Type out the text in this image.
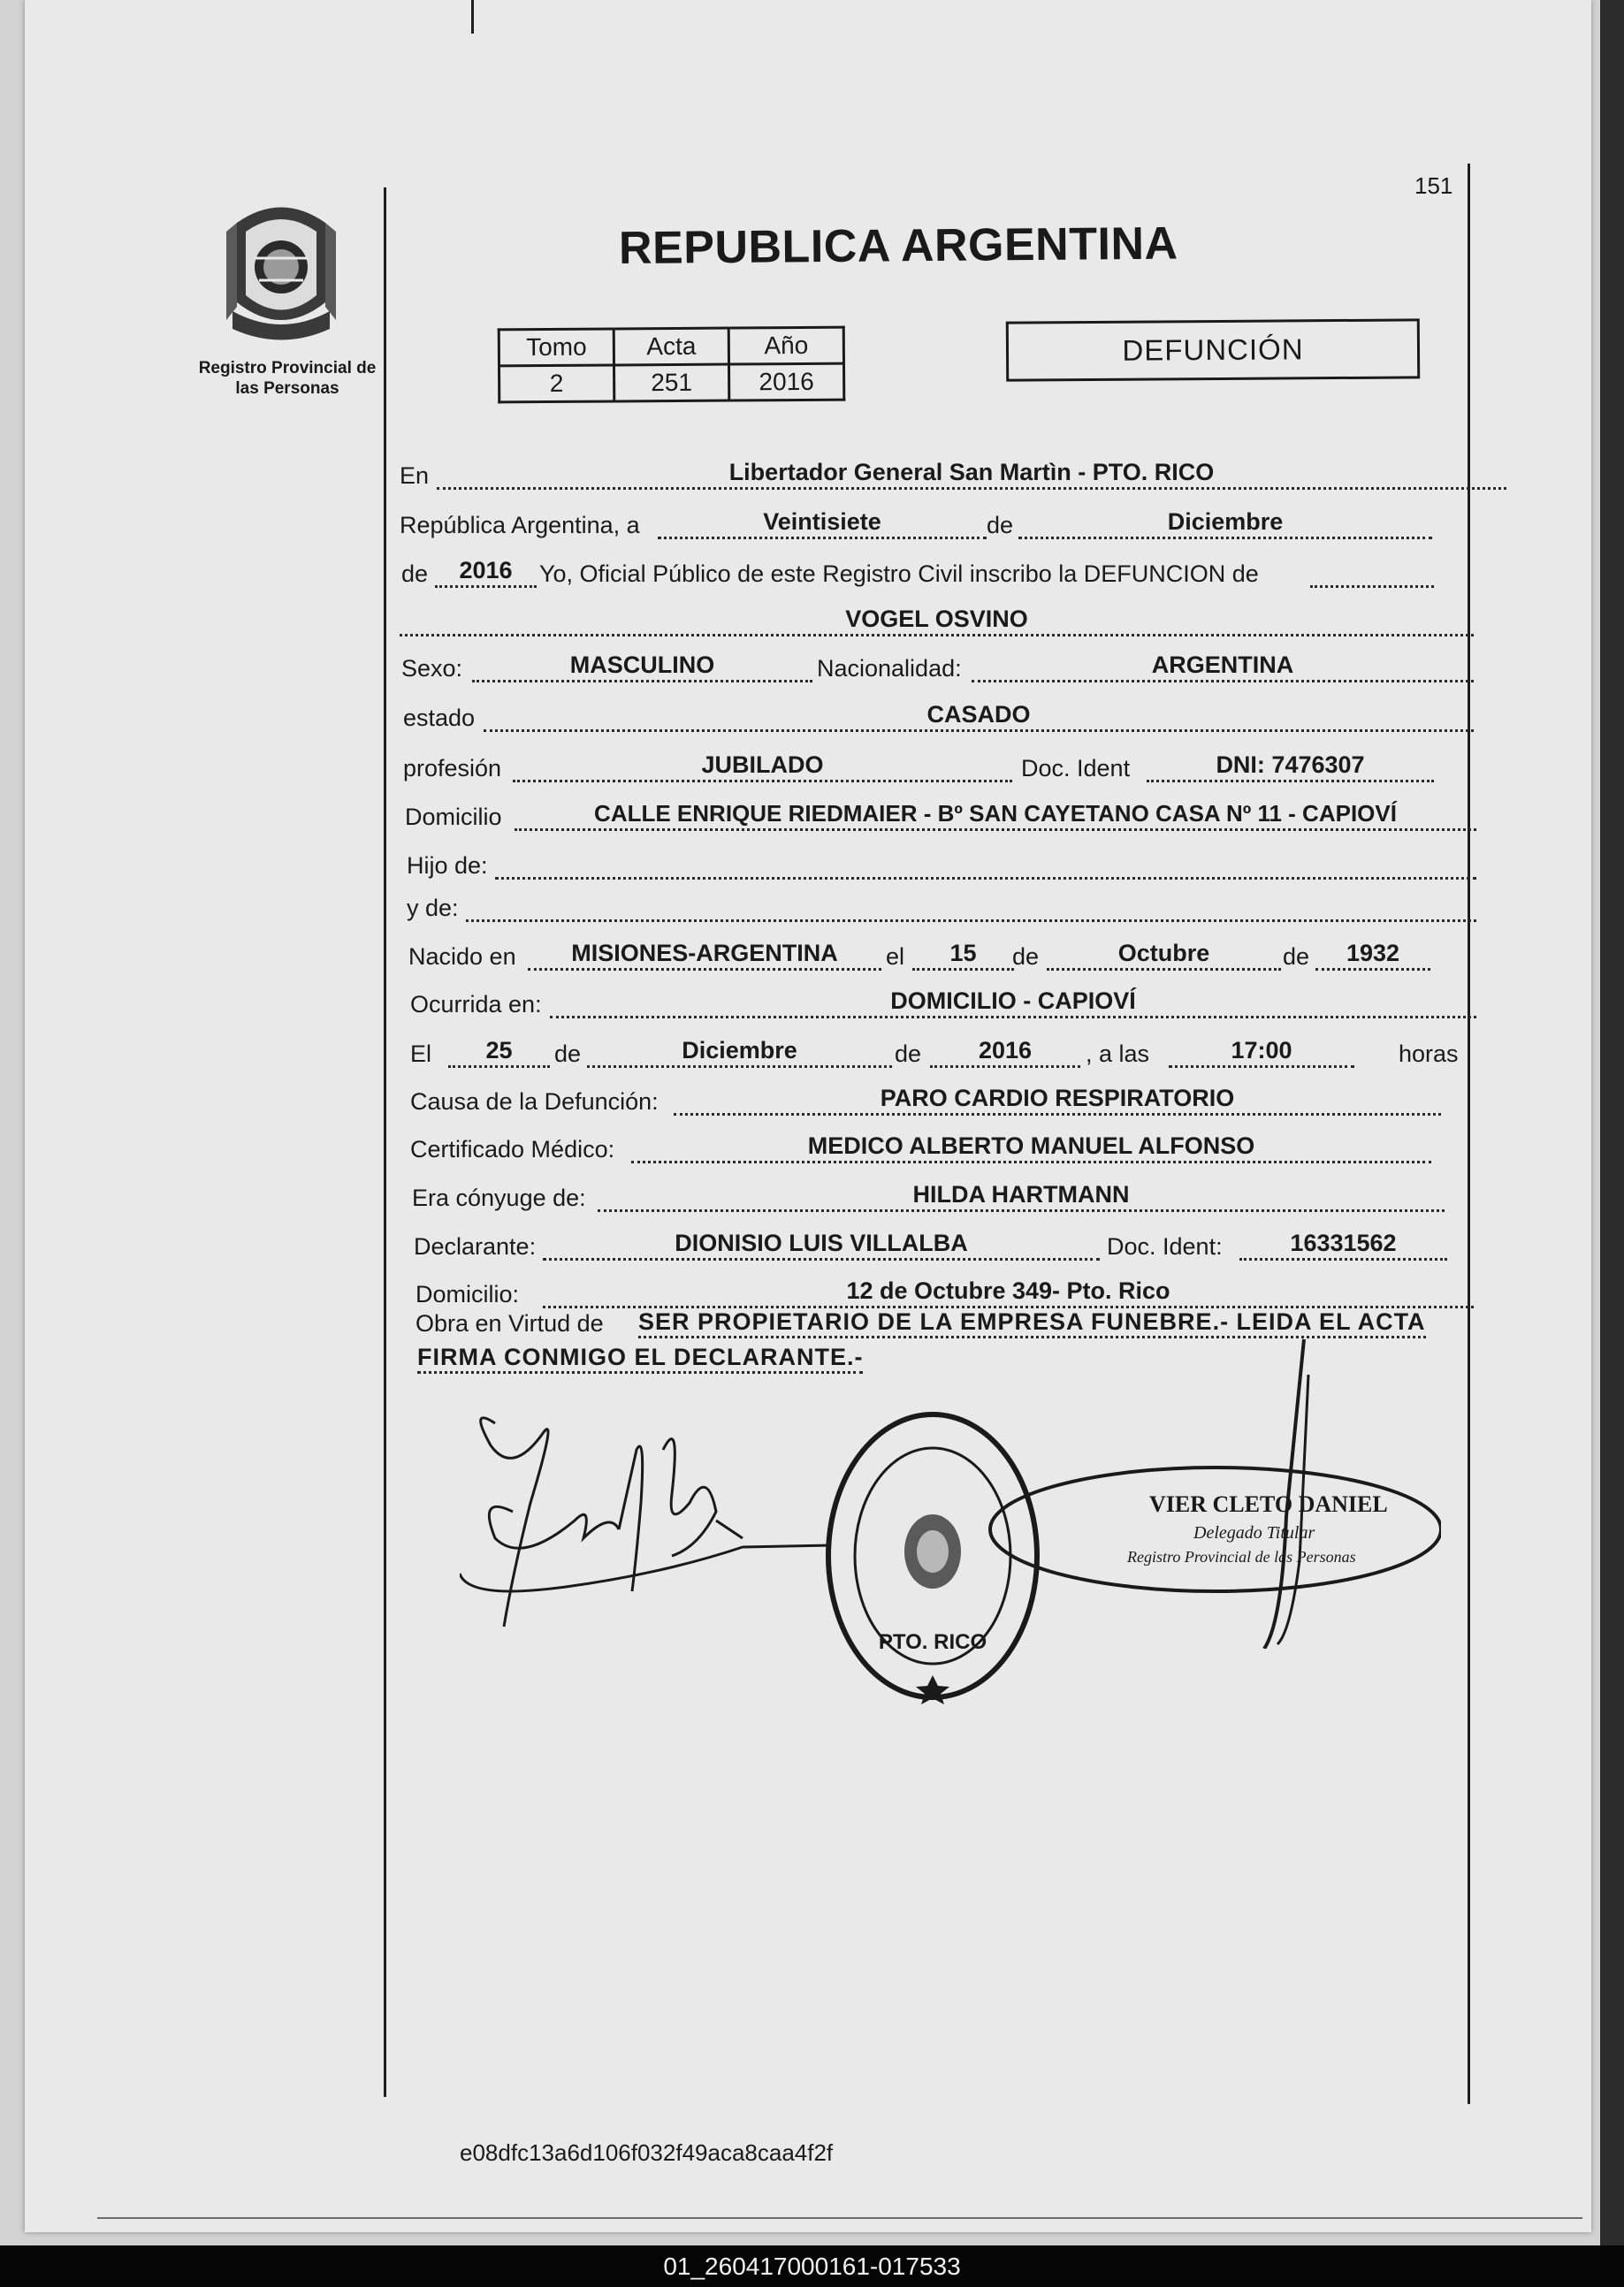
Registro Provincial de
las Personas
151
REPUBLICA ARGENTINA
Tomo	Acta	Año
2	251	2016
DEFUNCIÓN
En	Libertador General San Martìn - PTO. RICO
República Argentina, a	Veintisiete	de	Diciembre
de	2016	Yo, Oficial Público de este Registro Civil inscribo la DEFUNCION de
VOGEL OSVINO
Sexo:	MASCULINO	Nacionalidad:	ARGENTINA
estado	CASADO
profesión	JUBILADO	Doc. Ident	DNI: 7476307
Domicilio	CALLE ENRIQUE RIEDMAIER - Bº SAN CAYETANO CASA Nº 11 - CAPIOVÍ
Hijo de:
y de:
Nacido en	MISIONES-ARGENTINA	el	15	de	Octubre	de	1932
Ocurrida en:	DOMICILIO - CAPIOVÍ
El	25	de	Diciembre	de	2016	, a las	17:00	horas
Causa de la Defunción:	PARO CARDIO RESPIRATORIO
Certificado Médico:	MEDICO ALBERTO MANUEL ALFONSO
Era cónyuge de:	HILDA HARTMANN
Declarante:	DIONISIO LUIS VILLALBA	Doc. Ident:	16331562
Domicilio:	12 de Octubre 349- Pto. Rico
Obra en Virtud de SER PROPIETARIO DE LA EMPRESA FUNEBRE.- LEIDA EL ACTA
FIRMA CONMIGO EL DECLARANTE.-
PTO. RICO
VIER CLETO DANIEL
Delegado Titular
Registro Provincial de las Personas
e08dfc13a6d106f032f49aca8caa4f2f
01_260417000161-017533
